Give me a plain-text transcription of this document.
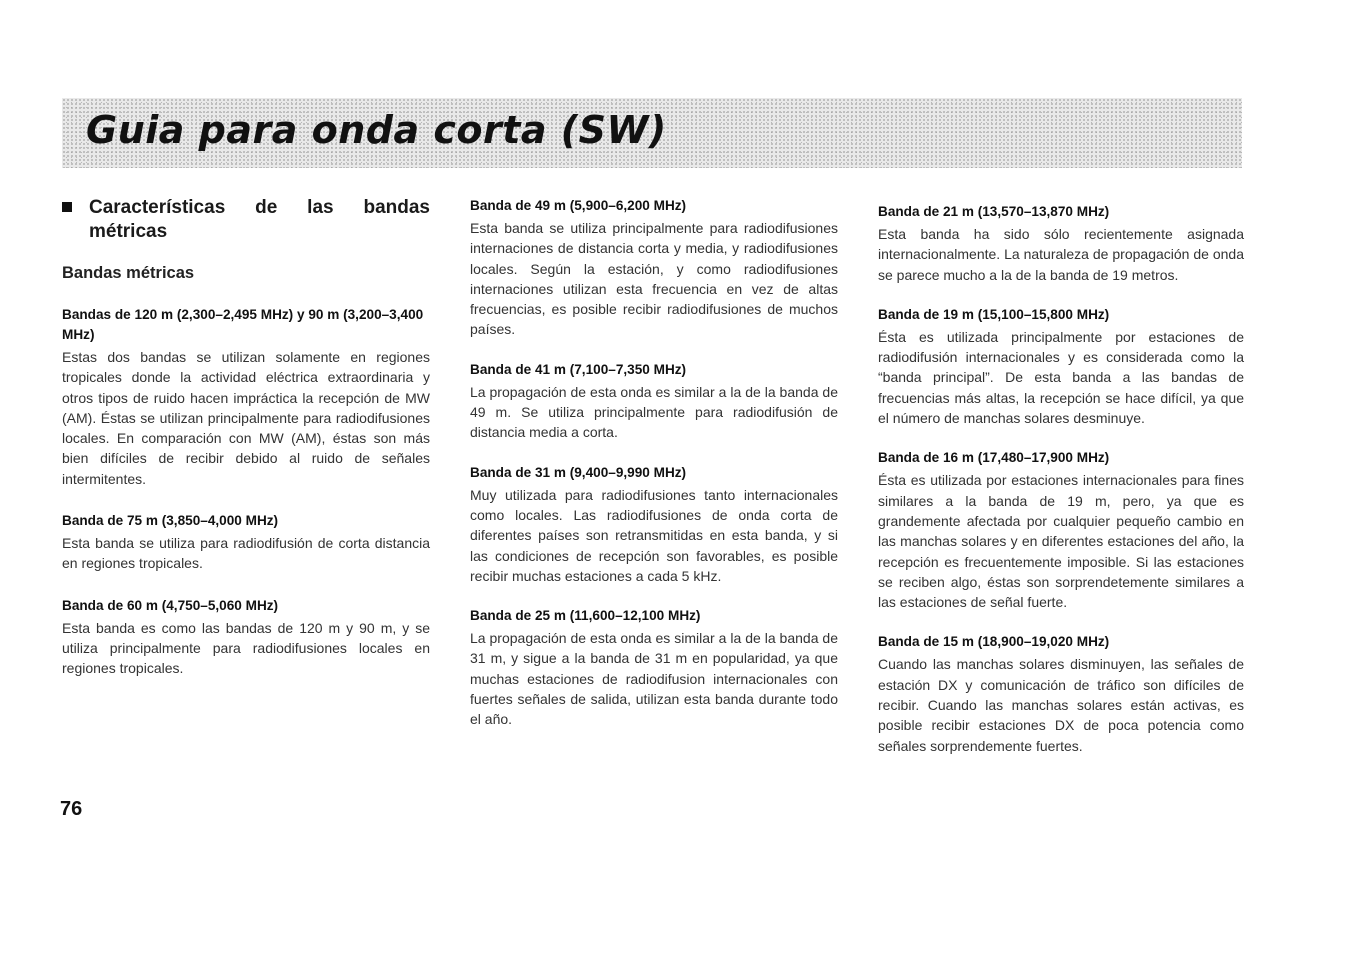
Guia para onda corta (SW)
Características de las bandas métricas
Bandas métricas
Bandas de 120 m (2,300–2,495 MHz) y 90 m (3,200–3,400 MHz)

Estas dos bandas se utilizan solamente en regiones tropicales donde la actividad eléctrica extraordinaria y otros tipos de ruido hacen impráctica la recepción de MW (AM). Éstas se utilizan principalmente para radiodifusiones locales. En comparación con MW (AM), éstas son más bien difíciles de recibir debido al ruido de señales intermitentes.

Banda de 75 m (3,850–4,000 MHz)

Esta banda se utiliza para radiodifusión de corta distancia en regiones tropicales.

Banda de 60 m (4,750–5,060 MHz)

Esta banda es como las bandas de 120 m y 90 m, y se utiliza principalmente para radiodifusiones locales en regiones tropicales.

Banda de 49 m (5,900–6,200 MHz)

Esta banda se utiliza principalmente para radiodifusiones internaciones de distancia corta y media, y radiodifusiones locales. Según la estación, y como radiodifusiones internaciones utilizan esta frecuencia en vez de altas frecuencias, es posible recibir radiodifusiones de muchos países.

Banda de 41 m (7,100–7,350 MHz)

La propagación de esta onda es similar a la de la banda de 49 m. Se utiliza principalmente para radiodifusión de distancia media a corta.

Banda de 31 m (9,400–9,990 MHz)

Muy utilizada para radiodifusiones tanto internacionales como locales. Las radiodifusiones de onda corta de diferentes países son retransmitidas en esta banda, y si las condiciones de recepción son favorables, es posible recibir muchas estaciones a cada 5 kHz.

Banda de 25 m (11,600–12,100 MHz)

La propagación de esta onda es similar a la de la banda de 31 m, y sigue a la banda de 31 m en popularidad, ya que muchas estaciones de radiodifusion internacionales con fuertes señales de salida, utilizan esta banda durante todo el año.

Banda de 21 m (13,570–13,870 MHz)

Esta banda ha sido sólo recientemente asignada internacionalmente. La naturaleza de propagación de onda se parece mucho a la de la banda de 19 metros.

Banda de 19 m (15,100–15,800 MHz)

Ésta es utilizada principalmente por estaciones de radiodifusión internacionales y es considerada como la “banda principal”. De esta banda a las bandas de frecuencias más altas, la recepción se hace difícil, ya que el número de manchas solares desminuye.

Banda de 16 m (17,480–17,900 MHz)

Ésta es utilizada por estaciones internacionales para fines similares a la banda de 19 m, pero, ya que es grandemente afectada por cualquier pequeño cambio en las manchas solares y en diferentes estaciones del año, la recepción es frecuentemente imposible. Si las estaciones se reciben algo, éstas son sorprendetemente similares a las estaciones de señal fuerte.

Banda de 15 m (18,900–19,020 MHz)

Cuando las manchas solares disminuyen, las señales de estación DX y comunicación de tráfico son difíciles de recibir. Cuando las manchas solares están activas, es posible recibir estaciones DX de poca potencia como señales sorprendemente fuertes.

76
